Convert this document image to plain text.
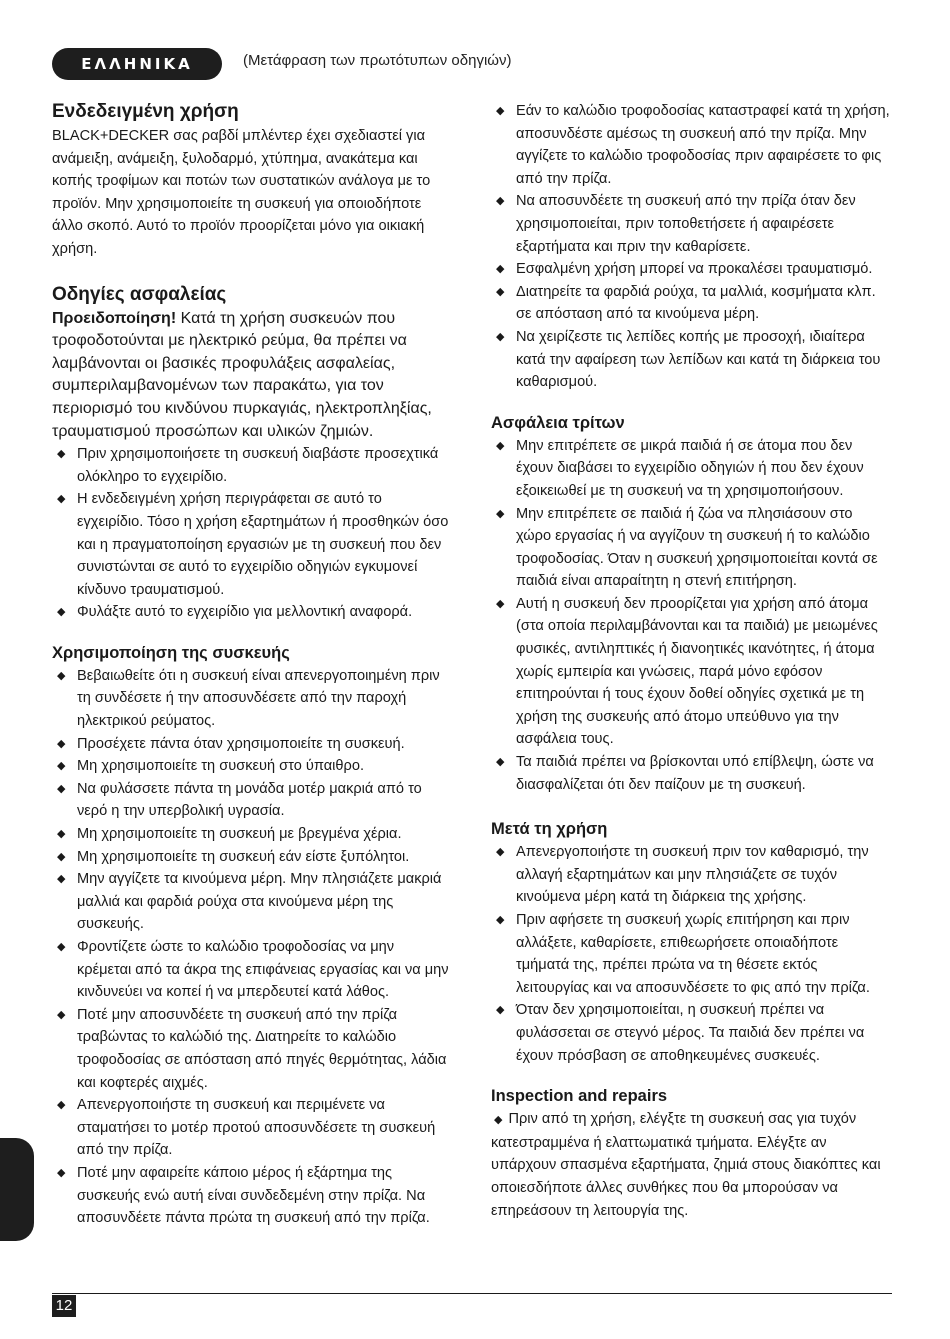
ΕΛΛΗΝΙΚΑ	(Μετάφραση των πρωτότυπων οδηγιών)
Ενδεδειγμένη χρήση

BLACK+DECKER σας ραβδί μπλέντερ έχει σχεδιαστεί για ανάμειξη, ανάμειξη, ξυλοδαρμό, χτύπημα, ανακάτεμα και κοπής τροφίμων και ποτών των συστατικών ανάλογα με το προϊόν. Μην χρησιμοποιείτε τη συσκευή για οποιοδήποτε άλλο σκοπό. Αυτό το προϊόν προορίζεται μόνο για οικιακή χρήση.

Οδηγίες ασφαλείας

Προειδοποίηση! Κατά τη χρήση συσκευών που τροφοδοτούνται με ηλεκτρικό ρεύμα, θα πρέπει να λαμβάνονται οι βασικές προφυλάξεις ασφαλείας, συμπεριλαμβανομένων των παρακάτω, για τον περιορισμό του κινδύνου πυρκαγιάς, ηλεκτροπληξίας, τραυματισμού προσώπων και υλικών ζημιών.

◆ Πριν χρησιμοποιήσετε τη συσκευή διαβάστε προσεχτικά ολόκληρο το εγχειρίδιο.
◆ Η ενδεδειγμένη χρήση περιγράφεται σε αυτό το εγχειρίδιο. Τόσο η χρήση εξαρτημάτων ή προσθηκών όσο και η πραγματοποίηση εργασιών με τη συσκευή που δεν συνιστώνται σε αυτό το εγχειρίδιο οδηγιών εγκυμονεί κίνδυνο τραυματισμού.
◆ Φυλάξτε αυτό το εγχειρίδιο για μελλοντική αναφορά.
Χρησιμοποίηση της συσκευής
◆ Βεβαιωθείτε ότι η συσκευή είναι απενεργοποιημένη πριν τη συνδέσετε ή την αποσυνδέσετε από την παροχή ηλεκτρικού ρεύματος.
◆ Προσέχετε πάντα όταν χρησιμοποιείτε τη συσκευή.
◆ Μη χρησιμοποιείτε τη συσκευή στο ύπαιθρο.
◆ Να φυλάσσετε πάντα τη μονάδα μοτέρ μακριά από το νερό η την υπερβολική υγρασία.
◆ Μη χρησιμοποιείτε τη συσκευή με βρεγμένα χέρια.
◆ Μη χρησιμοποιείτε τη συσκευή εάν είστε ξυπόλητοι.
◆ Μην αγγίζετε τα κινούμενα μέρη. Μην πλησιάζετε μακριά μαλλιά και φαρδιά ρούχα στα κινούμενα μέρη της συσκευής.
◆ Φροντίζετε ώστε το καλώδιο τροφοδοσίας να μην κρέμεται από τα άκρα της επιφάνειας εργασίας και να μην κινδυνεύει να κοπεί ή να μπερδευτεί κατά λάθος.
◆ Ποτέ μην αποσυνδέετε τη συσκευή από την πρίζα τραβώντας το καλώδιό της. Διατηρείτε το καλώδιο τροφοδοσίας σε απόσταση από πηγές θερμότητας, λάδια και κοφτερές αιχμές.
◆ Απενεργοποιήστε τη συσκευή και περιμένετε να σταματήσει το μοτέρ προτού αποσυνδέσετε τη συσκευή από την πρίζα.
◆ Ποτέ μην αφαιρείτε κάποιο μέρος ή εξάρτημα της συσκευής ενώ αυτή είναι συνδεδεμένη στην πρίζα. Να αποσυνδέετε πάντα πρώτα τη συσκευή από την πρίζα.
◆ Εάν το καλώδιο τροφοδοσίας καταστραφεί κατά τη χρήση, αποσυνδέστε αμέσως τη συσκευή από την πρίζα. Μην αγγίζετε το καλώδιο τροφοδοσίας πριν αφαιρέσετε το φις από την πρίζα.
◆ Να αποσυνδέετε τη συσκευή από την πρίζα όταν δεν χρησιμοποιείται, πριν τοποθετήσετε ή αφαιρέσετε εξαρτήματα και πριν την καθαρίσετε.
◆ Εσφαλμένη χρήση μπορεί να προκαλέσει τραυματισμό.
◆ Διατηρείτε τα φαρδιά ρούχα, τα μαλλιά, κοσμήματα κλπ. σε απόσταση από τα κινούμενα μέρη.
◆ Να χειρίζεστε τις λεπίδες κοπής με προσοχή, ιδιαίτερα κατά την αφαίρεση των λεπίδων και κατά τη διάρκεια του καθαρισμού.
Ασφάλεια τρίτων
◆ Μην επιτρέπετε σε μικρά παιδιά ή σε άτομα που δεν έχουν διαβάσει το εγχειρίδιο οδηγιών ή που δεν έχουν εξοικειωθεί με τη συσκευή να τη χρησιμοποιήσουν.
◆ Μην επιτρέπετε σε παιδιά ή ζώα να πλησιάσουν στο χώρο εργασίας ή να αγγίζουν τη συσκευή ή το καλώδιο τροφοδοσίας. Όταν η συσκευή χρησιμοποιείται κοντά σε παιδιά είναι απαραίτητη η στενή επιτήρηση.
◆ Αυτή η συσκευή δεν προορίζεται για χρήση από άτομα (στα οποία περιλαμβάνονται και τα παιδιά) με μειωμένες φυσικές, αντιληπτικές ή διανοητικές ικανότητες, ή άτομα χωρίς εμπειρία και γνώσεις, παρά μόνο εφόσον επιτηρούνται ή τους έχουν δοθεί οδηγίες σχετικά με τη χρήση της συσκευής από άτομο υπεύθυνο για την ασφάλεια τους.
◆ Τα παιδιά πρέπει να βρίσκονται υπό επίβλεψη, ώστε να διασφαλίζεται ότι δεν παίζουν με τη συσκευή.
Μετά τη χρήση
◆ Απενεργοποιήστε τη συσκευή πριν τον καθαρισμό, την αλλαγή εξαρτημάτων και μην πλησιάζετε σε τυχόν κινούμενα μέρη κατά τη διάρκεια της χρήσης.
◆ Πριν αφήσετε τη συσκευή χωρίς επιτήρηση και πριν αλλάξετε, καθαρίσετε, επιθεωρήσετε οποιαδήποτε τμήματά της, πρέπει πρώτα να τη θέσετε εκτός λειτουργίας και να αποσυνδέσετε το φις από την πρίζα.
◆ Όταν δεν χρησιμοποιείται, η συσκευή πρέπει να φυλάσσεται σε στεγνό μέρος. Τα παιδιά δεν πρέπει να έχουν πρόσβαση σε αποθηκευμένες συσκευές.
Inspection and repairs

◆ Πριν από τη χρήση, ελέγξτε τη συσκευή σας για τυχόν κατεστραμμένα ή ελαττωματικά τμήματα. Ελέγξτε αν υπάρχουν σπασμένα εξαρτήματα, ζημιά στους διακόπτες και οποιεσδήποτε άλλες συνθήκες που θα μπορούσαν να επηρεάσουν τη λειτουργία της.

12
